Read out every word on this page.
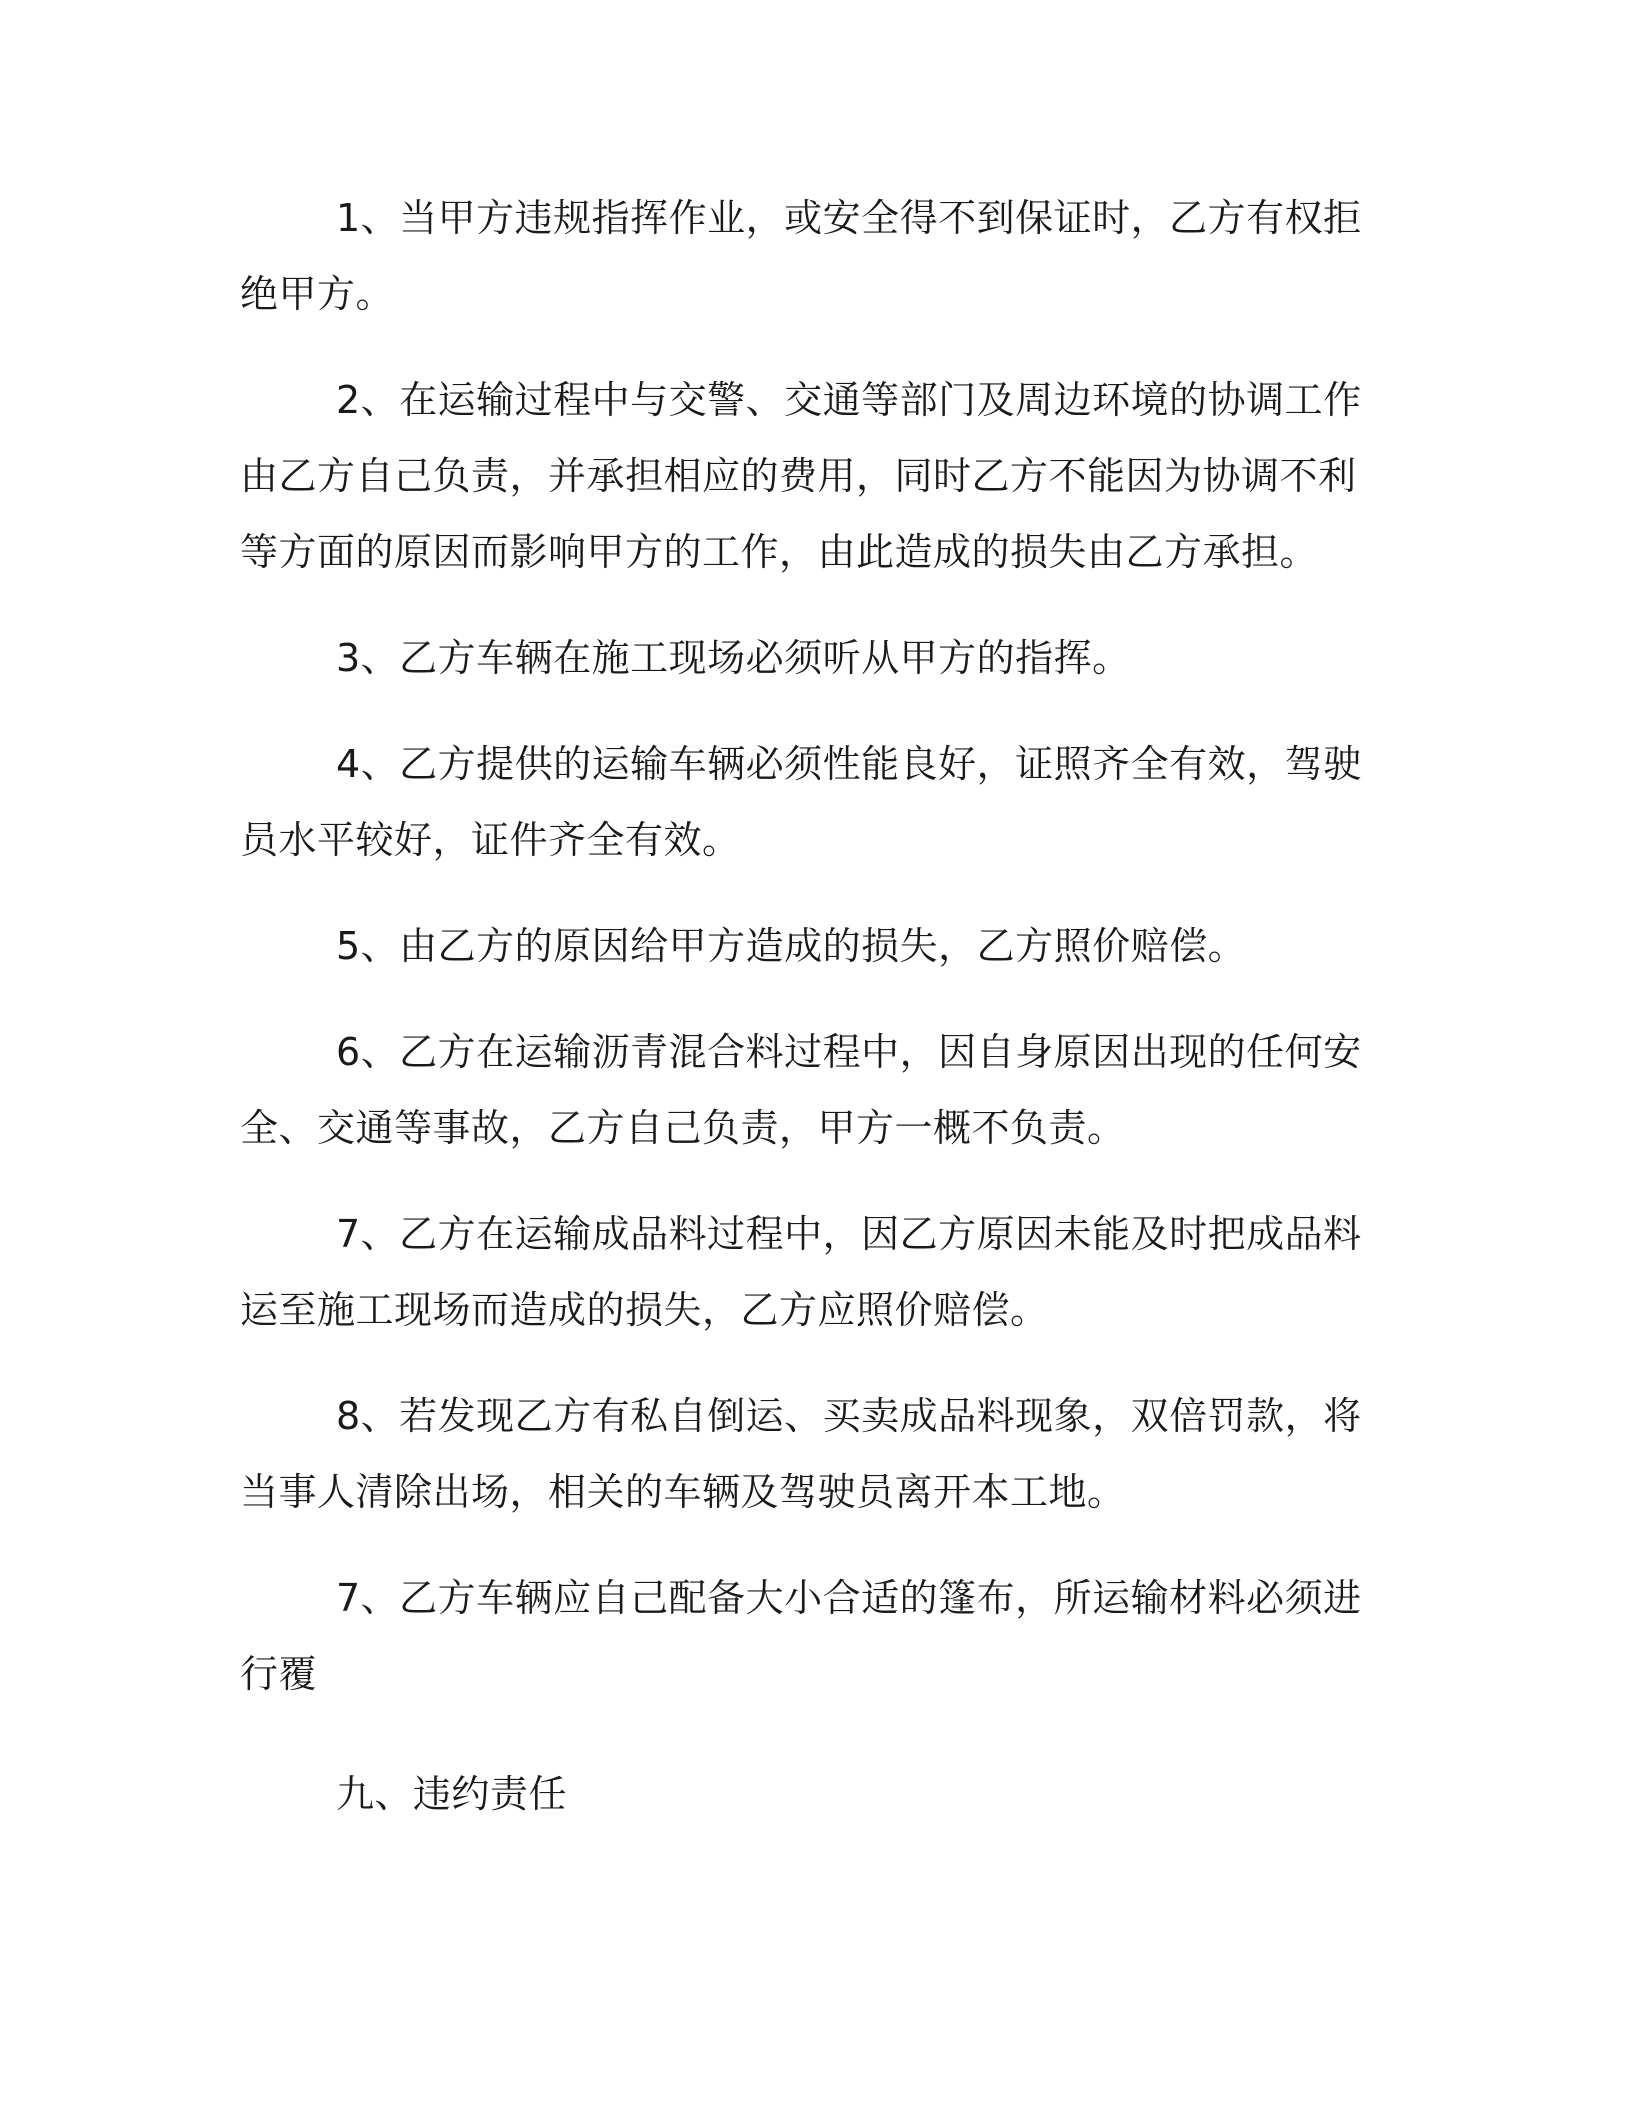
1、当甲方违规指挥作业，或安全得不到保证时，乙方有权拒绝甲方。

2、在运输过程中与交警、交通等部门及周边环境的协调工作由乙方自己负责，并承担相应的费用，同时乙方不能因为协调不利等方面的原因而影响甲方的工作，由此造成的损失由乙方承担。

3、乙方车辆在施工现场必须听从甲方的指挥。

4、乙方提供的运输车辆必须性能良好，证照齐全有效，驾驶员水平较好，证件齐全有效。

5、由乙方的原因给甲方造成的损失，乙方照价赔偿。

6、乙方在运输沥青混合料过程中，因自身原因出现的任何安全、交通等事故，乙方自己负责，甲方一概不负责。

7、乙方在运输成品料过程中，因乙方原因未能及时把成品料运至施工现场而造成的损失，乙方应照价赔偿。

8、若发现乙方有私自倒运、买卖成品料现象，双倍罚款，将当事人清除出场，相关的车辆及驾驶员离开本工地。

7、乙方车辆应自己配备大小合适的篷布，所运输材料必须进行覆

九、违约责任
